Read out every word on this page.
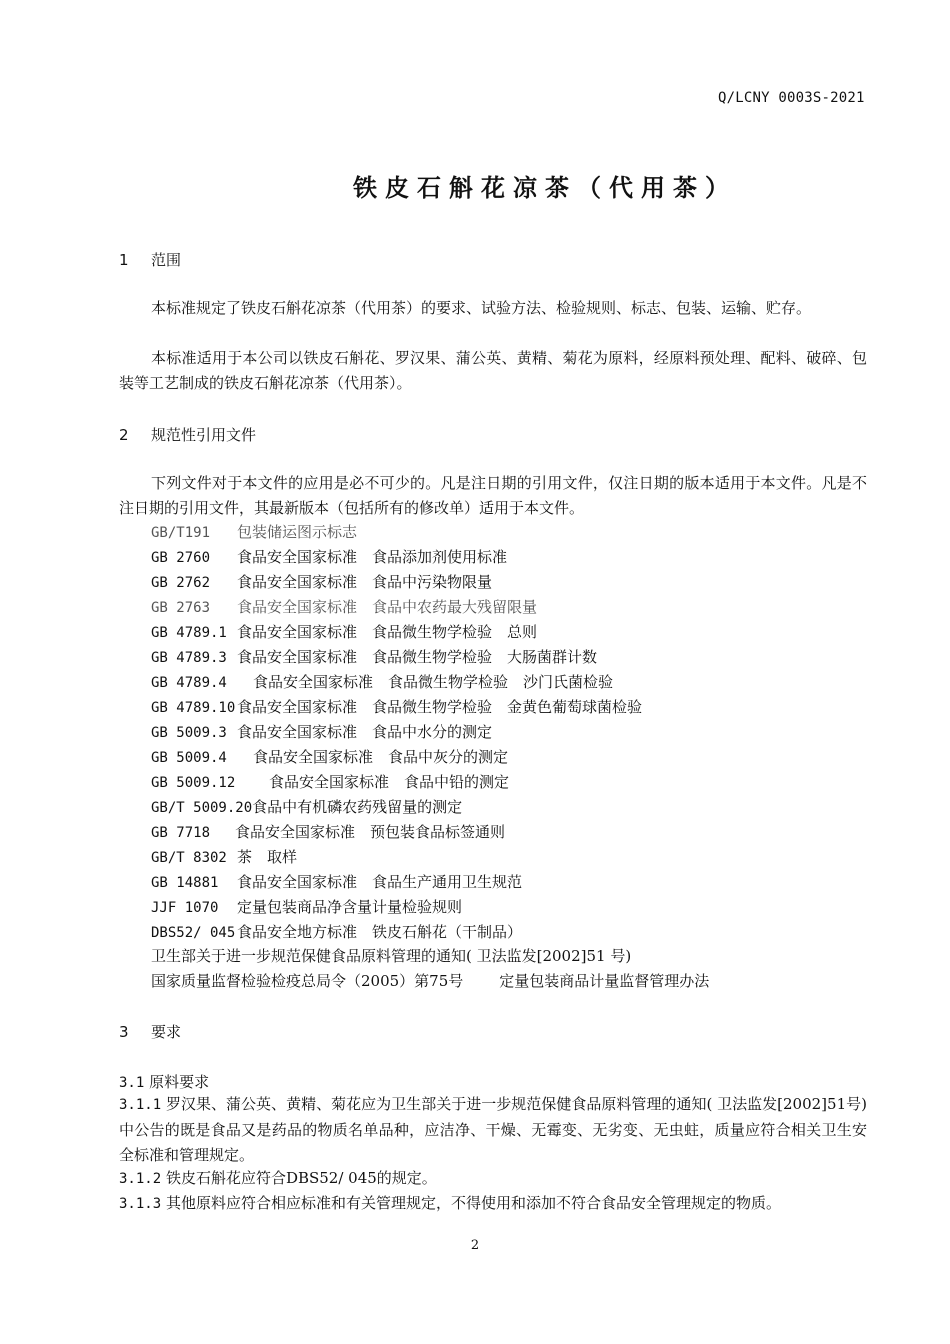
Q/LCNY 0003S-2021
铁皮石斛花凉茶（代用茶）
1 范围
本标准规定了铁皮石斛花凉茶（代用茶）的要求、试验方法、检验规则、标志、包装、运输、贮存。
本标准适用于本公司以铁皮石斛花、罗汉果、蒲公英、黄精、菊花为原料，经原料预处理、配料、破碎、包装等工艺制成的铁皮石斛花凉茶（代用茶）。
2 规范性引用文件
下列文件对于本文件的应用是必不可少的。凡是注日期的引用文件，仅注日期的版本适用于本文件。凡是不注日期的引用文件，其最新版本（包括所有的修改单）适用于本文件。
GB/T191 包装储运图示标志
GB 2760 食品安全国家标准　食品添加剂使用标准
GB 2762 食品安全国家标准　食品中污染物限量
GB 2763 食品安全国家标准　食品中农药最大残留限量
GB 4789.1 食品安全国家标准　食品微生物学检验　总则
GB 4789.3 食品安全国家标准　食品微生物学检验　大肠菌群计数
GB 4789.4 食品安全国家标准　食品微生物学检验　沙门氏菌检验
GB 4789.10 食品安全国家标准　食品微生物学检验　金黄色葡萄球菌检验
GB 5009.3 食品安全国家标准　食品中水分的测定
GB 5009.4 食品安全国家标准　食品中灰分的测定
GB 5009.12 食品安全国家标准　食品中铅的测定
GB/T 5009.20食品中有机磷农药残留量的测定
GB 7718 食品安全国家标准　预包装食品标签通则
GB/T 8302 茶　取样
GB 14881 食品安全国家标准　食品生产通用卫生规范
JJF 1070 定量包装商品净含量计量检验规则
DBS52/ 045 食品安全地方标准　铁皮石斛花（干制品）
卫生部关于进一步规范保健食品原料管理的通知( 卫法监发[2002]51 号)
国家质量监督检验检疫总局令（2005）第75号 定量包装商品计量监督管理办法
3 要求
3.1 原料要求
3.1.1 罗汉果、蒲公英、黄精、菊花应为卫生部关于进一步规范保健食品原料管理的通知( 卫法监发[2002]51号) 中公告的既是食品又是药品的物质名单品种，应洁净、干燥、无霉变、无劣变、无虫蛀，质量应符合相关卫生安全标准和管理规定。
3.1.2 铁皮石斛花应符合DBS52/ 045的规定。
3.1.3 其他原料应符合相应标准和有关管理规定，不得使用和添加不符合食品安全管理规定的物质。
2
